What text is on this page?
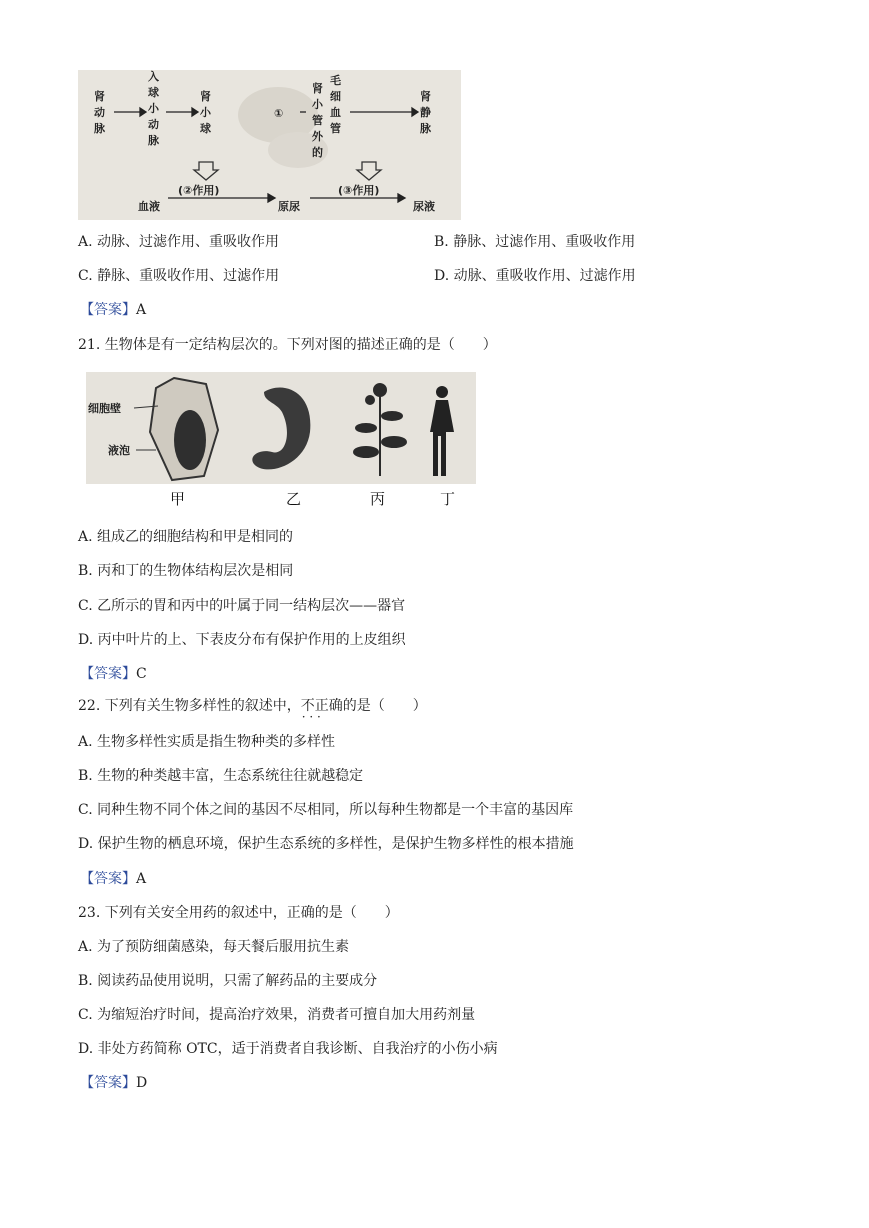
肾
动
脉
入
球
小
动
脉
肾
小
球
肾
小
管
外
的
毛
细
血
管
肾
静
脉
①
(②作用)	(③作用)
血液	原尿	尿液
A. 动脉、过滤作用、重吸收作用	B. 静脉、过滤作用、重吸收作用
C. 静脉、重吸收作用、过滤作用	D. 动脉、重吸收作用、过滤作用
【答案】A
21. 生物体是有一定结构层次的。下列对图的描述正确的是（　　）
细胞壁
液泡
甲	乙	丙	丁
A. 组成乙的细胞结构和甲是相同的
B. 丙和丁的生物体结构层次是相同
C. 乙所示的胃和丙中的叶属于同一结构层次——器官
D. 丙中叶片的上、下表皮分布有保护作用的上皮组织
【答案】C
22. 下列有关生物多样性的叙述中，不正确 · · ·的是（　　）
A. 生物多样性实质是指生物种类的多样性
B. 生物的种类越丰富，生态系统往往就越稳定
C. 同种生物不同个体之间的基因不尽相同，所以每种生物都是一个丰富的基因库
D. 保护生物的栖息环境，保护生态系统的多样性，是保护生物多样性的根本措施
【答案】A
23. 下列有关安全用药的叙述中，正确的是（　　）
A. 为了预防细菌感染，每天餐后服用抗生素
B. 阅读药品使用说明，只需了解药品的主要成分
C. 为缩短治疗时间，提高治疗效果，消费者可擅自加大用药剂量
D. 非处方药简称 OTC，适于消费者自我诊断、自我治疗的小伤小病
【答案】D
